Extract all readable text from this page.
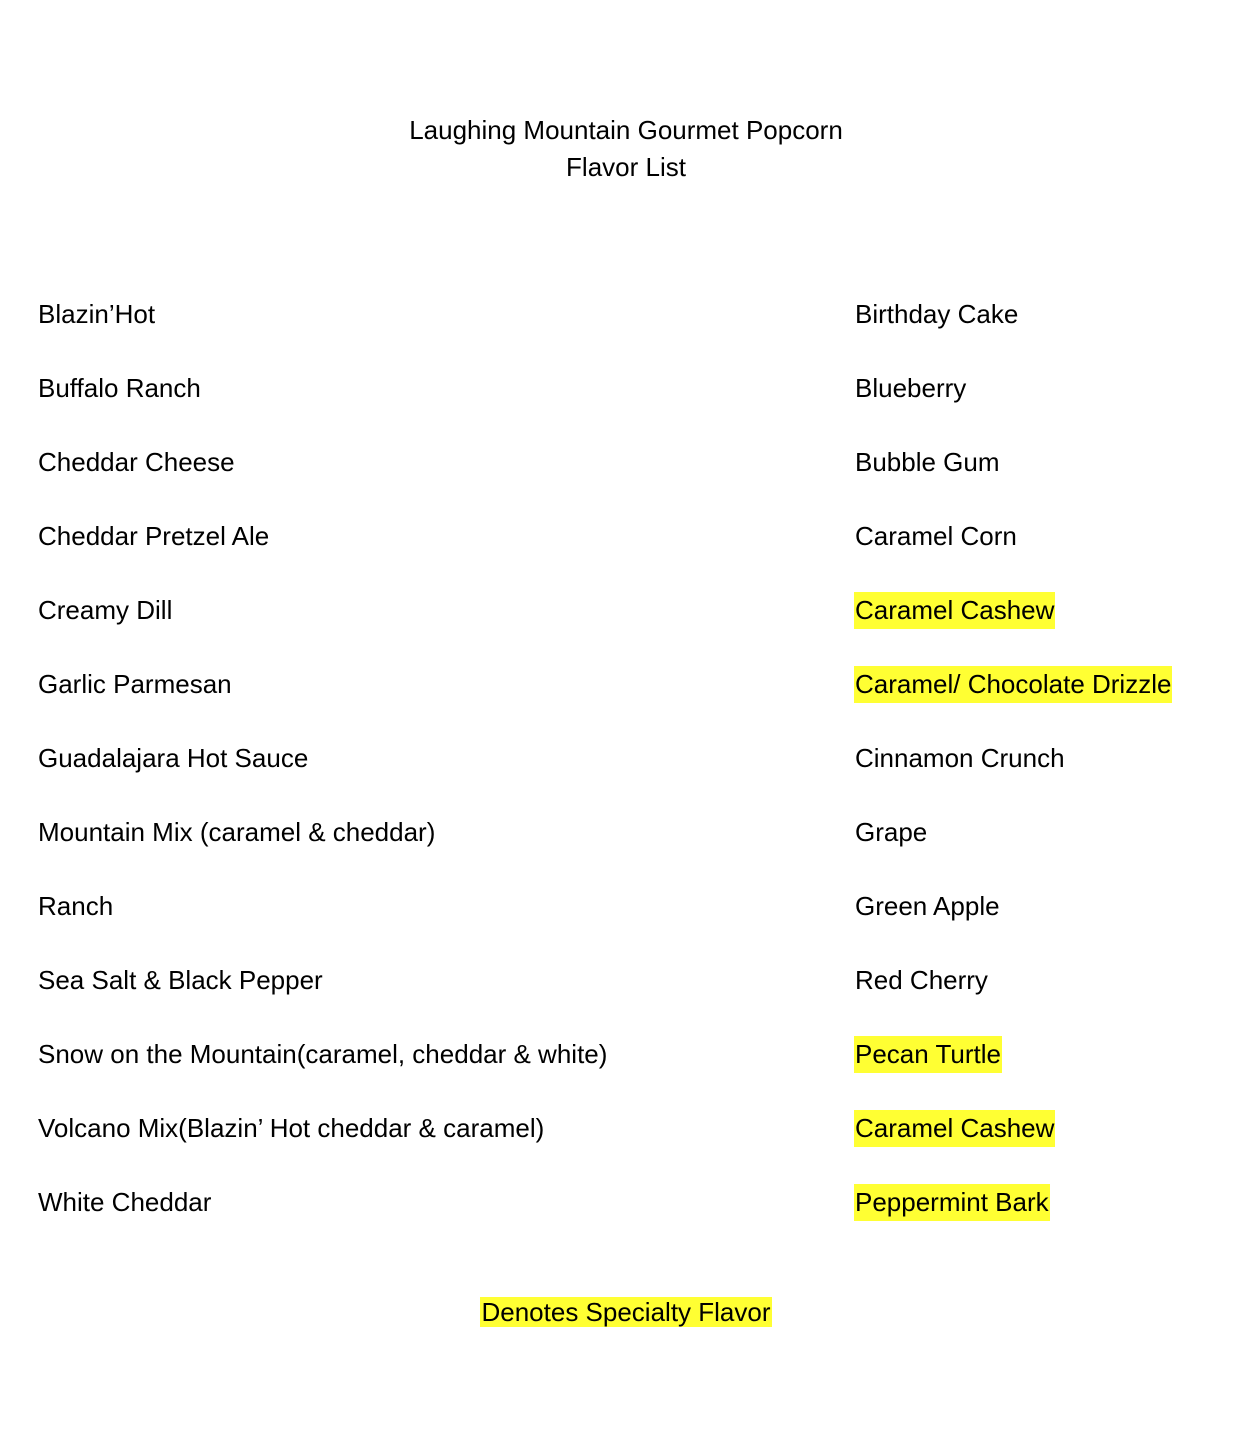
Laughing Mountain Gourmet Popcorn
Flavor List
Blazin’Hot
Buffalo Ranch
Cheddar Cheese
Cheddar Pretzel Ale
Creamy Dill
Garlic Parmesan
Guadalajara Hot Sauce
Mountain Mix (caramel & cheddar)
Ranch
Sea Salt & Black Pepper
Snow on the Mountain(caramel, cheddar & white)
Volcano Mix(Blazin’ Hot cheddar & caramel)
White Cheddar
Birthday Cake
Blueberry
Bubble Gum
Caramel Corn
Caramel Cashew
Caramel/ Chocolate Drizzle
Cinnamon Crunch
Grape
Green Apple
Red Cherry
Pecan Turtle
Caramel Cashew
Peppermint Bark
Denotes Specialty Flavor
